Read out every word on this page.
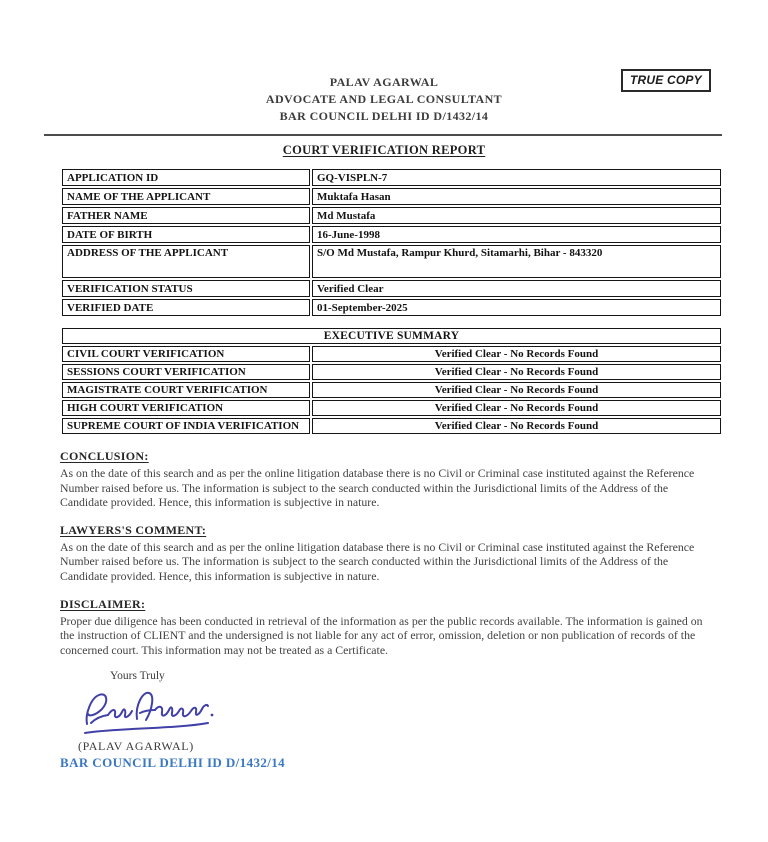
TRUE COPY
PALAV AGARWAL
ADVOCATE AND LEGAL CONSULTANT
BAR COUNCIL DELHI ID D/1432/14
COURT VERIFICATION REPORT
APPLICATION ID	GQ-VISPLN-7
NAME OF THE APPLICANT	Muktafa Hasan
FATHER NAME	Md Mustafa
DATE OF BIRTH	16-June-1998
ADDRESS OF THE APPLICANT	S/O Md Mustafa, Rampur Khurd, Sitamarhi, Bihar - 843320
VERIFICATION STATUS	Verified Clear
VERIFIED DATE	01-September-2025
EXECUTIVE SUMMARY	
CIVIL COURT VERIFICATION	Verified Clear - No Records Found
SESSIONS COURT VERIFICATION	Verified Clear - No Records Found
MAGISTRATE COURT VERIFICATION	Verified Clear - No Records Found
HIGH COURT VERIFICATION	Verified Clear - No Records Found
SUPREME COURT OF INDIA VERIFICATION	Verified Clear - No Records Found
CONCLUSION:
As on the date of this search and as per the online litigation database there is no Civil or Criminal case instituted against the Reference Number raised before us. The information is subject to the search conducted within the Jurisdictional limits of the Address of the Candidate provided. Hence, this information is subjective in nature.
LAWYERS'S COMMENT:
As on the date of this search and as per the online litigation database there is no Civil or Criminal case instituted against the Reference Number raised before us. The information is subject to the search conducted within the Jurisdictional limits of the Address of the Candidate provided. Hence, this information is subjective in nature.
DISCLAIMER:
Proper due diligence has been conducted in retrieval of the information as per the public records available. The information is gained on the instruction of CLIENT and the undersigned is not liable for any act of error, omission, deletion or non publication of records of the concerned court. This information may not be treated as a Certificate.
Yours Truly
(PALAV AGARWAL)
BAR COUNCIL DELHI ID D/1432/14
